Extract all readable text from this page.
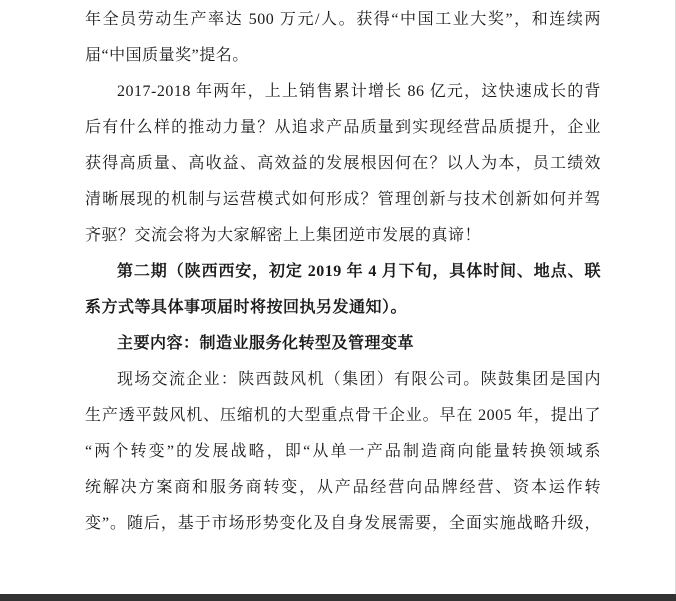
年全员劳动生产率达 500 万元/人。获得“中国工业大奖”，和连续两
届“中国质量奖”提名。
2017-2018 年两年，上上销售累计增长 86 亿元，这快速成长的背
后有什么样的推动力量？从追求产品质量到实现经营品质提升，企业
获得高质量、高收益、高效益的发展根因何在？以人为本，员工绩效
清晰展现的机制与运营模式如何形成？管理创新与技术创新如何并驾
齐驱？交流会将为大家解密上上集团逆市发展的真谛！
第二期（陕西西安，初定 2019 年 4 月下旬，具体时间、地点、联
系方式等具体事项届时将按回执另发通知）。
主要内容：制造业服务化转型及管理变革
现场交流企业：陕西鼓风机（集团）有限公司。陕鼓集团是国内
生产透平鼓风机、压缩机的大型重点骨干企业。早在 2005 年，提出了
“两个转变”的发展战略，即“从单一产品制造商向能量转换领域系
统解决方案商和服务商转变，从产品经营向品牌经营、资本运作转
变”。随后，基于市场形势变化及自身发展需要，全面实施战略升级，
